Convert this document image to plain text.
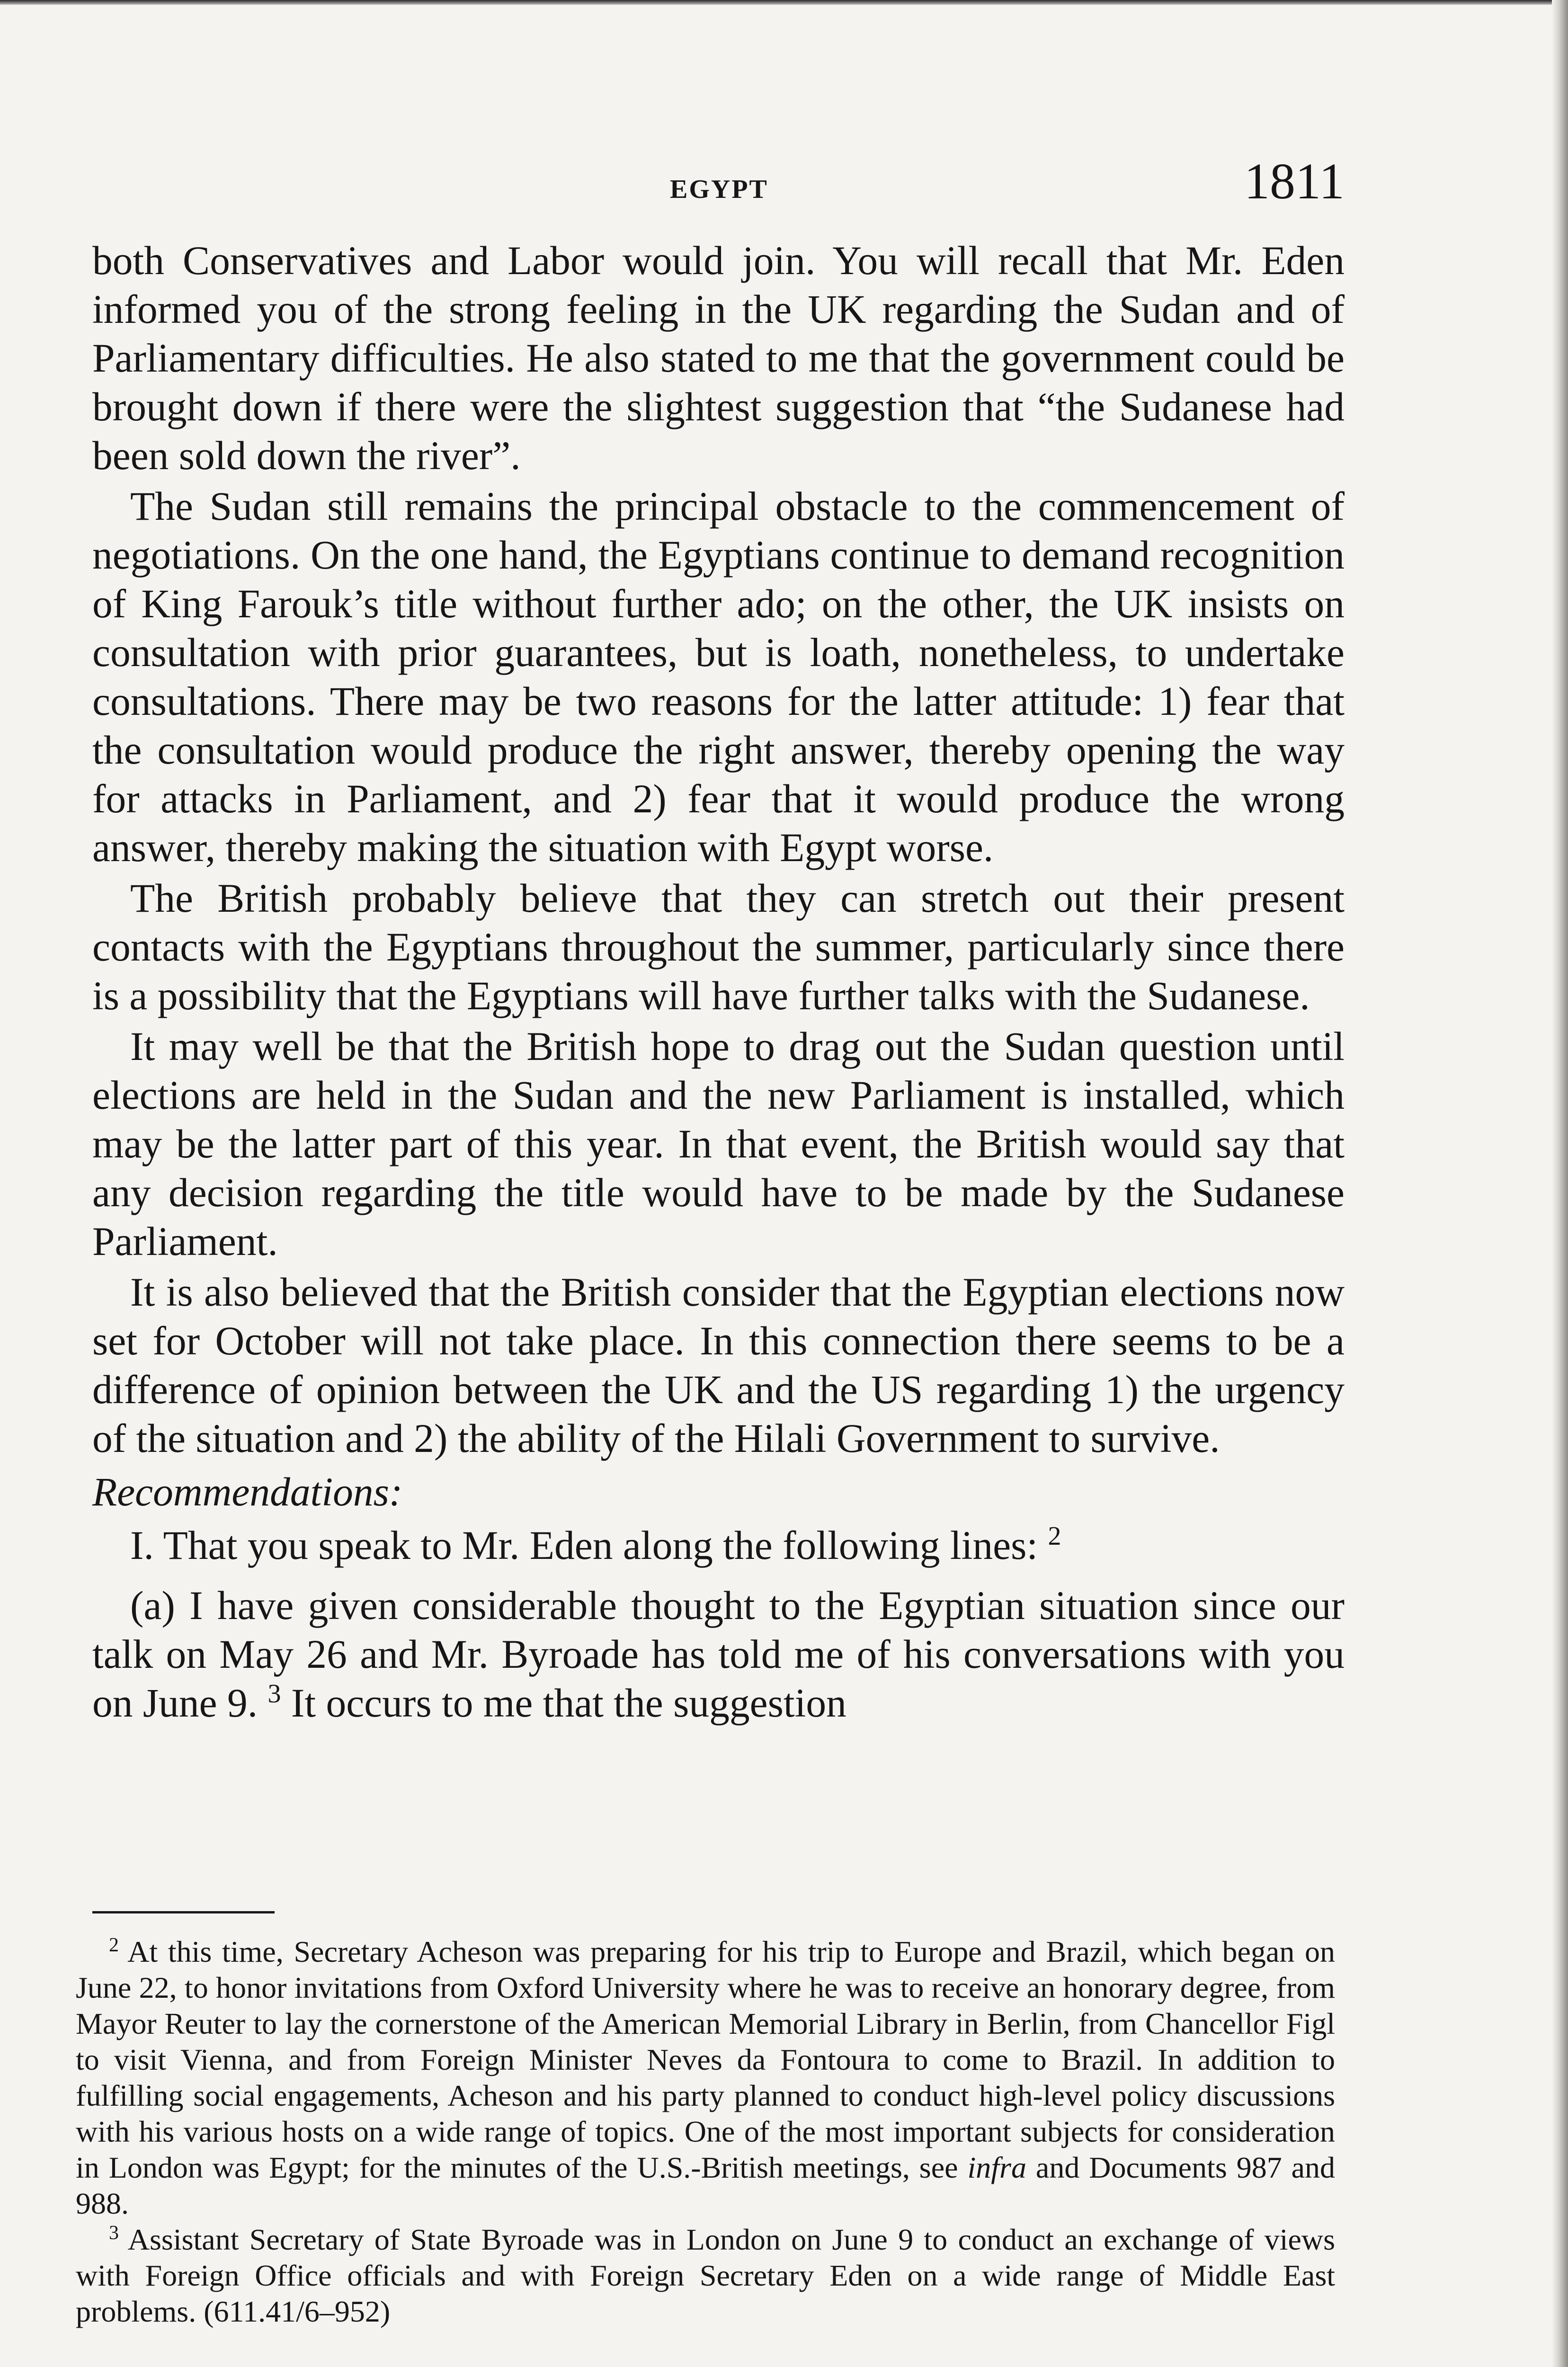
EGYPT	1811

both Conservatives and Labor would join. You will recall that Mr. Eden informed you of the strong feeling in the UK regarding the Sudan and of Parliamentary difficulties. He also stated to me that the government could be brought down if there were the slightest suggestion that “the Sudanese had been sold down the river”.

The Sudan still remains the principal obstacle to the commencement of negotiations. On the one hand, the Egyptians continue to demand recognition of King Farouk’s title without further ado; on the other, the UK insists on consultation with prior guarantees, but is loath, nonetheless, to undertake consultations. There may be two reasons for the latter attitude: 1) fear that the consultation would produce the right answer, thereby opening the way for attacks in Parliament, and 2) fear that it would produce the wrong answer, thereby making the situation with Egypt worse.

The British probably believe that they can stretch out their present contacts with the Egyptians throughout the summer, particularly since there is a possibility that the Egyptians will have further talks with the Sudanese.

It may well be that the British hope to drag out the Sudan question until elections are held in the Sudan and the new Parliament is installed, which may be the latter part of this year. In that event, the British would say that any decision regarding the title would have to be made by the Sudanese Parliament.

It is also believed that the British consider that the Egyptian elections now set for October will not take place. In this connection there seems to be a difference of opinion between the UK and the US regarding 1) the urgency of the situation and 2) the ability of the Hilali Government to survive.

Recommendations:

I. That you speak to Mr. Eden along the following lines: $^2$

(a) I have given considerable thought to the Egyptian situation since our talk on May 26 and Mr. Byroade has told me of his conversations with you on June 9. $^3$ It occurs to me that the suggestion

$^2$ At this time, Secretary Acheson was preparing for his trip to Europe and Brazil, which began on June 22, to honor invitations from Oxford University where he was to receive an honorary degree, from Mayor Reuter to lay the cornerstone of the American Memorial Library in Berlin, from Chancellor Figl to visit Vienna, and from Foreign Minister Neves da Fontoura to come to Brazil. In addition to fulfilling social engagements, Acheson and his party planned to conduct high-level policy discussions with his various hosts on a wide range of topics. One of the most important subjects for consideration in London was Egypt; for the minutes of the U.S.-British meetings, see infra and Documents 987 and 988.

$^3$ Assistant Secretary of State Byroade was in London on June 9 to conduct an exchange of views with Foreign Office officials and with Foreign Secretary Eden on a wide range of Middle East problems. (611.41/6–952)
